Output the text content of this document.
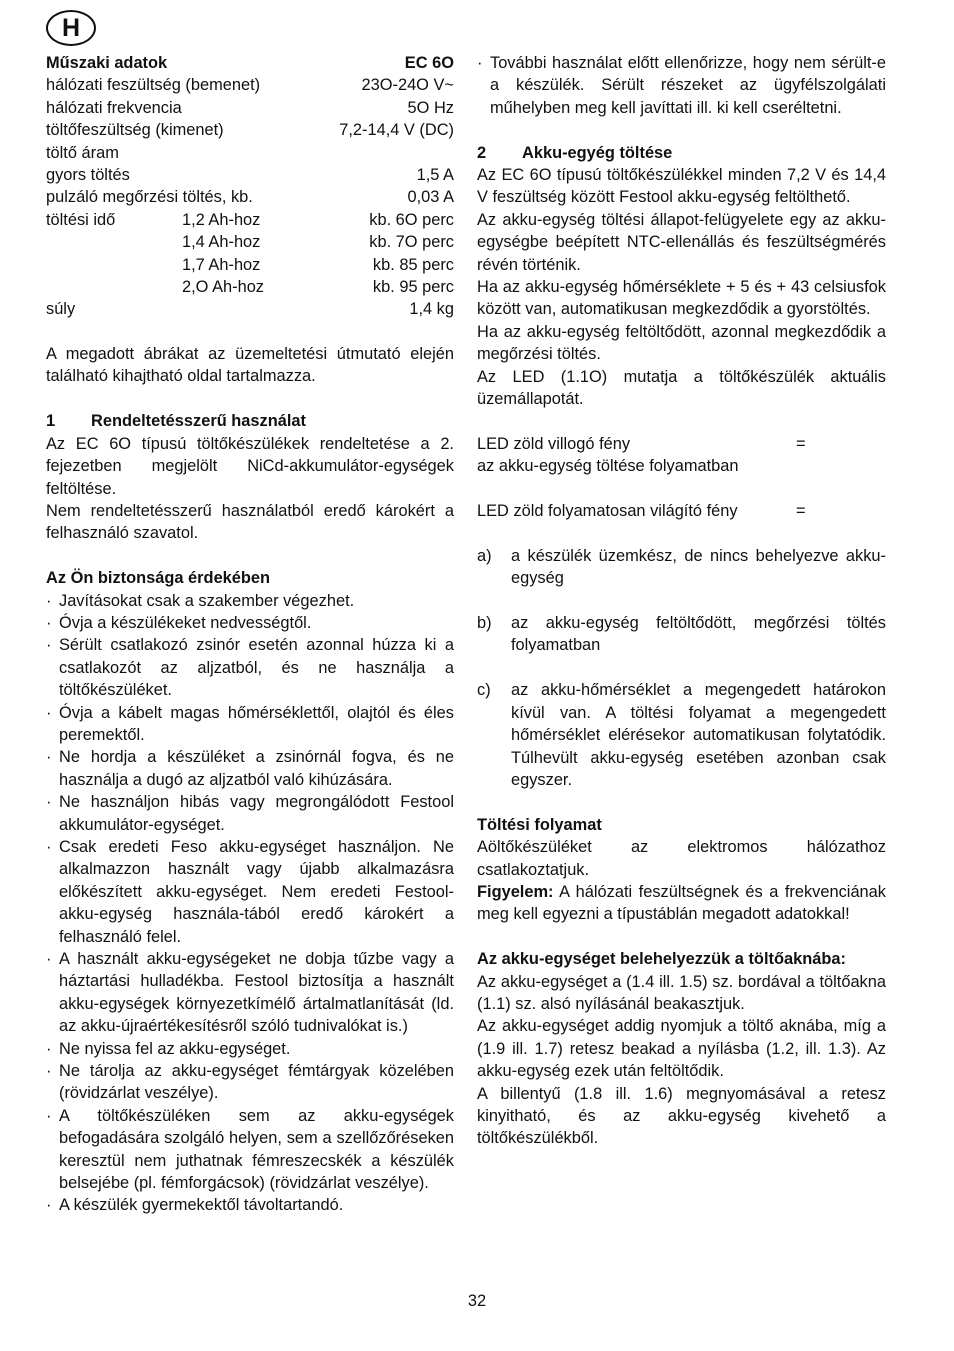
H
Műszaki adatok	EC 6O
hálózati feszültség (bemenet)	23O-24O V~
hálózati frekvencia	5O Hz
töltőfeszültség (kimenet)	7,2-14,4 V (DC)
töltő áram
gyors töltés	1,5 A
pulzáló megőrzési töltés, kb.	0,03 A
töltési idő	1,2 Ah-hoz	kb. 6O perc
1,4 Ah-hoz	kb. 7O perc
1,7 Ah-hoz	kb. 85 perc
2,O Ah-hoz	kb. 95 perc
súly	1,4 kg

A megadott ábrákat az üzemeltetési útmutató elején található kihajtható oldal tartalmazza.

1	Rendeltetésszerű használat

Az EC 6O típusú töltőkészülékek rendeltetése a 2. fejezetben megjelölt NiCd-akkumulátor-egységek feltöltése.

Nem rendeltetésszerű használatból eredő károkért a felhasználó szavatol.

Az Ön biztonsága érdekében

· Javításokat csak a szakember végezhet.
· Óvja a készülékeket nedvességtől.
· Sérült csatlakozó zsinór esetén azonnal húzza ki a csatlakozót az aljzatból, és ne használja a töltőkészüléket.
· Óvja a kábelt magas hőmérséklettől, olajtól és éles peremektől.
· Ne hordja a készüléket a zsinórnál fogva, és ne használja a dugó az aljzatból való kihúzására.
· Ne használjon hibás vagy megrongálódott Festool akkumulátor-egységet.
· Csak eredeti Feso akku-egységet használjon. Ne alkalmazzon használt vagy újabb alkalmazásra előkészített akku-egységet. Nem eredeti Festool-akku-egység használa-tából eredő károkért a felhasználó felel.
· A használt akku-egységeket ne dobja tűzbe vagy a háztartási hulladékba. Festool biztosítja a használt akku-egységek környezetkímélő ártalmatlanítását (ld. az akku-újraértékesítésről szóló tudnivalókat is.)
· Ne nyissa fel az akku-egységet.
· Ne tárolja az akku-egységet fémtárgyak közelében (rövidzárlat veszélye).
· A töltőkészüléken sem az akku-egységek befogadására szolgáló helyen, sem a szellőzőréseken keresztül nem juthatnak fémreszecskék a készülék belsejébe (pl. fémforgácsok) (rövidzárlat veszélye).
· A készülék gyermekektől távoltartandó.
· További használat előtt ellenőrizze, hogy nem sérült-e a készülék. Sérült részeket az ügyfélszolgálati műhelyben meg kell javíttati ill. ki kell cseréltetni.
2	Akku-egyég töltése

Az EC 6O típusú töltőkészülékkel minden 7,2 V és 14,4 V feszültség között Festool akku-egység feltölthető.

Az akku-egység töltési állapot-felügyelete egy az akku-egységbe beépített NTC-ellenállás és feszültségmérés révén történik.

Ha az akku-egység hőmérséklete + 5 és + 43 celsiusfok között van, automatikusan megkezdődik a gyorstöltés.

Ha az akku-egység feltöltődött, azonnal megkezdődik a megőrzési töltés.

Az LED (1.1O) mutatja a töltőkészülék aktuális üzemállapotát.

LED zöld villogó fény	=

az akku-egység töltése folyamatban

LED zöld folyamatosan világító fény	=
a)	a készülék üzemkész, de nincs behelyezve akku-egység
b)	az akku-egység feltöltődött, megőrzési töltés folyamatban
c)	az akku-hőmérséklet a megengedett határokon kívül van. A töltési folyamat a megengedett hőmérséklet elérésekor automatikusan folytatódik. Túlhevült akku-egység esetében azonban csak egyszer.

Töltési folyamat

Aöltőkészüléket az elektromos hálózathoz csatlakoztatjuk.

Figyelem: A hálózati feszültségnek és a frekvenciának meg kell egyezni a típustáblán megadott adatokkal!

Az akku-egységet belehelyezzük a töltőaknába:

Az akku-egységet a (1.4 ill. 1.5) sz. bordával a töltőakna (1.1) sz. alsó nyílásánál beakasztjuk.

Az akku-egységet addig nyomjuk a töltő aknába, míg a (1.9 ill. 1.7) retesz beakad a nyílásba (1.2, ill. 1.3). Az akku-egység ezek után feltöltődik.

A billentyű (1.8 ill. 1.6) megnyomásával a retesz kinyitható, és az akku-egység kivehető a töltőkészülékből.

32
